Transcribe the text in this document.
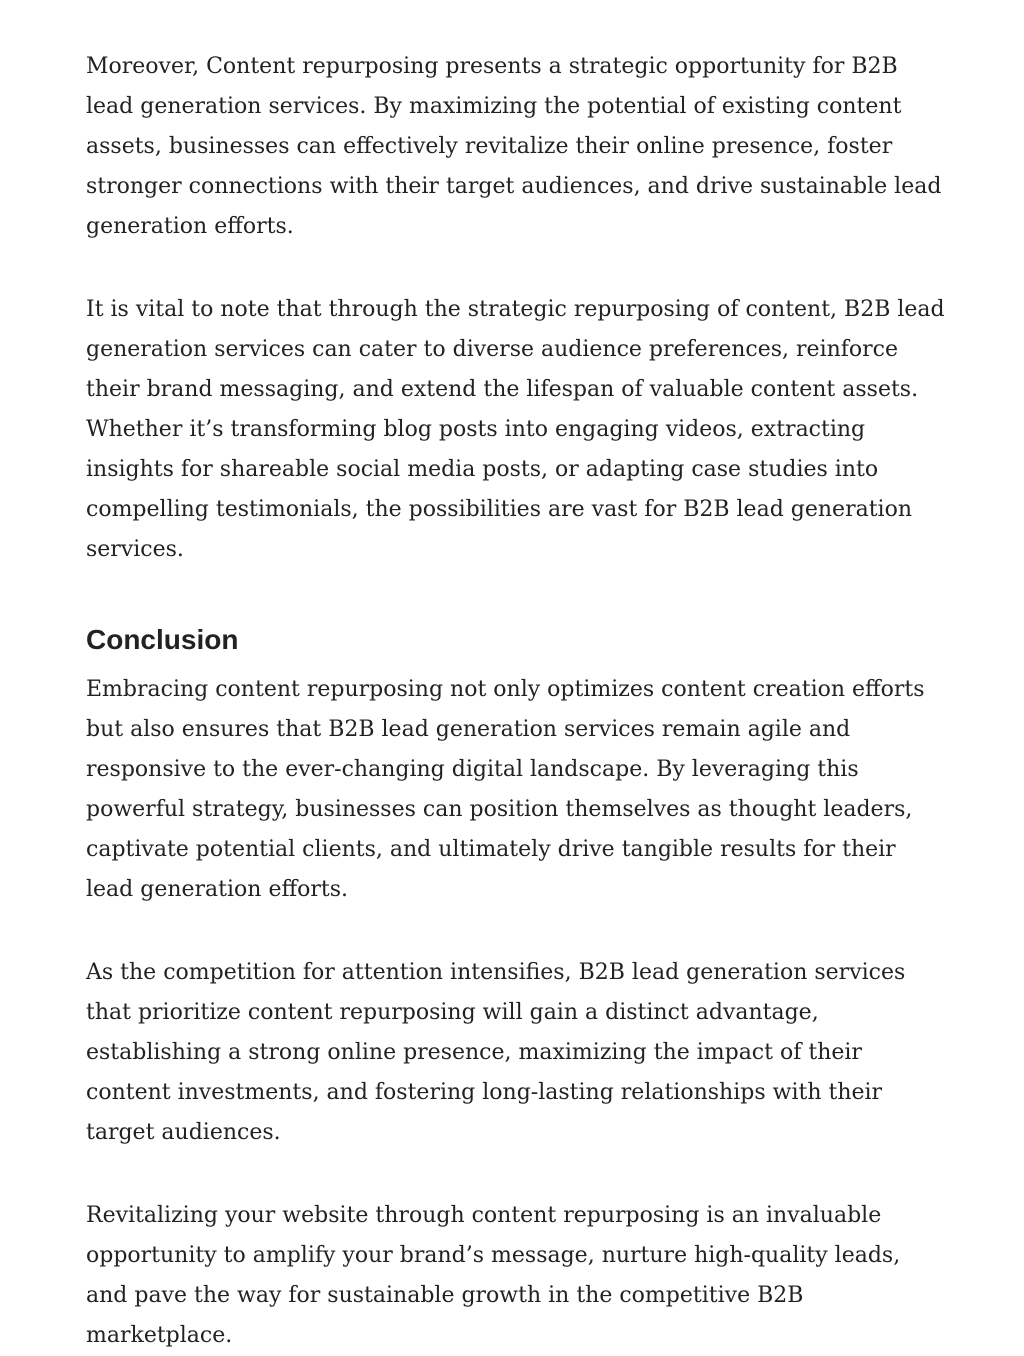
Moreover, Content repurposing presents a strategic opportunity for B2B lead generation services. By maximizing the potential of existing content assets, businesses can effectively revitalize their online presence, foster stronger connections with their target audiences, and drive sustainable lead generation efforts.

It is vital to note that through the strategic repurposing of content, B2B lead generation services can cater to diverse audience preferences, reinforce their brand messaging, and extend the lifespan of valuable content assets. Whether it’s transforming blog posts into engaging videos, extracting insights for shareable social media posts, or adapting case studies into compelling testimonials, the possibilities are vast for B2B lead generation services.

Conclusion

Embracing content repurposing not only optimizes content creation efforts but also ensures that B2B lead generation services remain agile and responsive to the ever-changing digital landscape. By leveraging this powerful strategy, businesses can position themselves as thought leaders, captivate potential clients, and ultimately drive tangible results for their lead generation efforts.

As the competition for attention intensifies, B2B lead generation services that prioritize content repurposing will gain a distinct advantage, establishing a strong online presence, maximizing the impact of their content investments, and fostering long-lasting relationships with their target audiences.

Revitalizing your website through content repurposing is an invaluable opportunity to amplify your brand’s message, nurture high-quality leads, and pave the way for sustainable growth in the competitive B2B marketplace.
